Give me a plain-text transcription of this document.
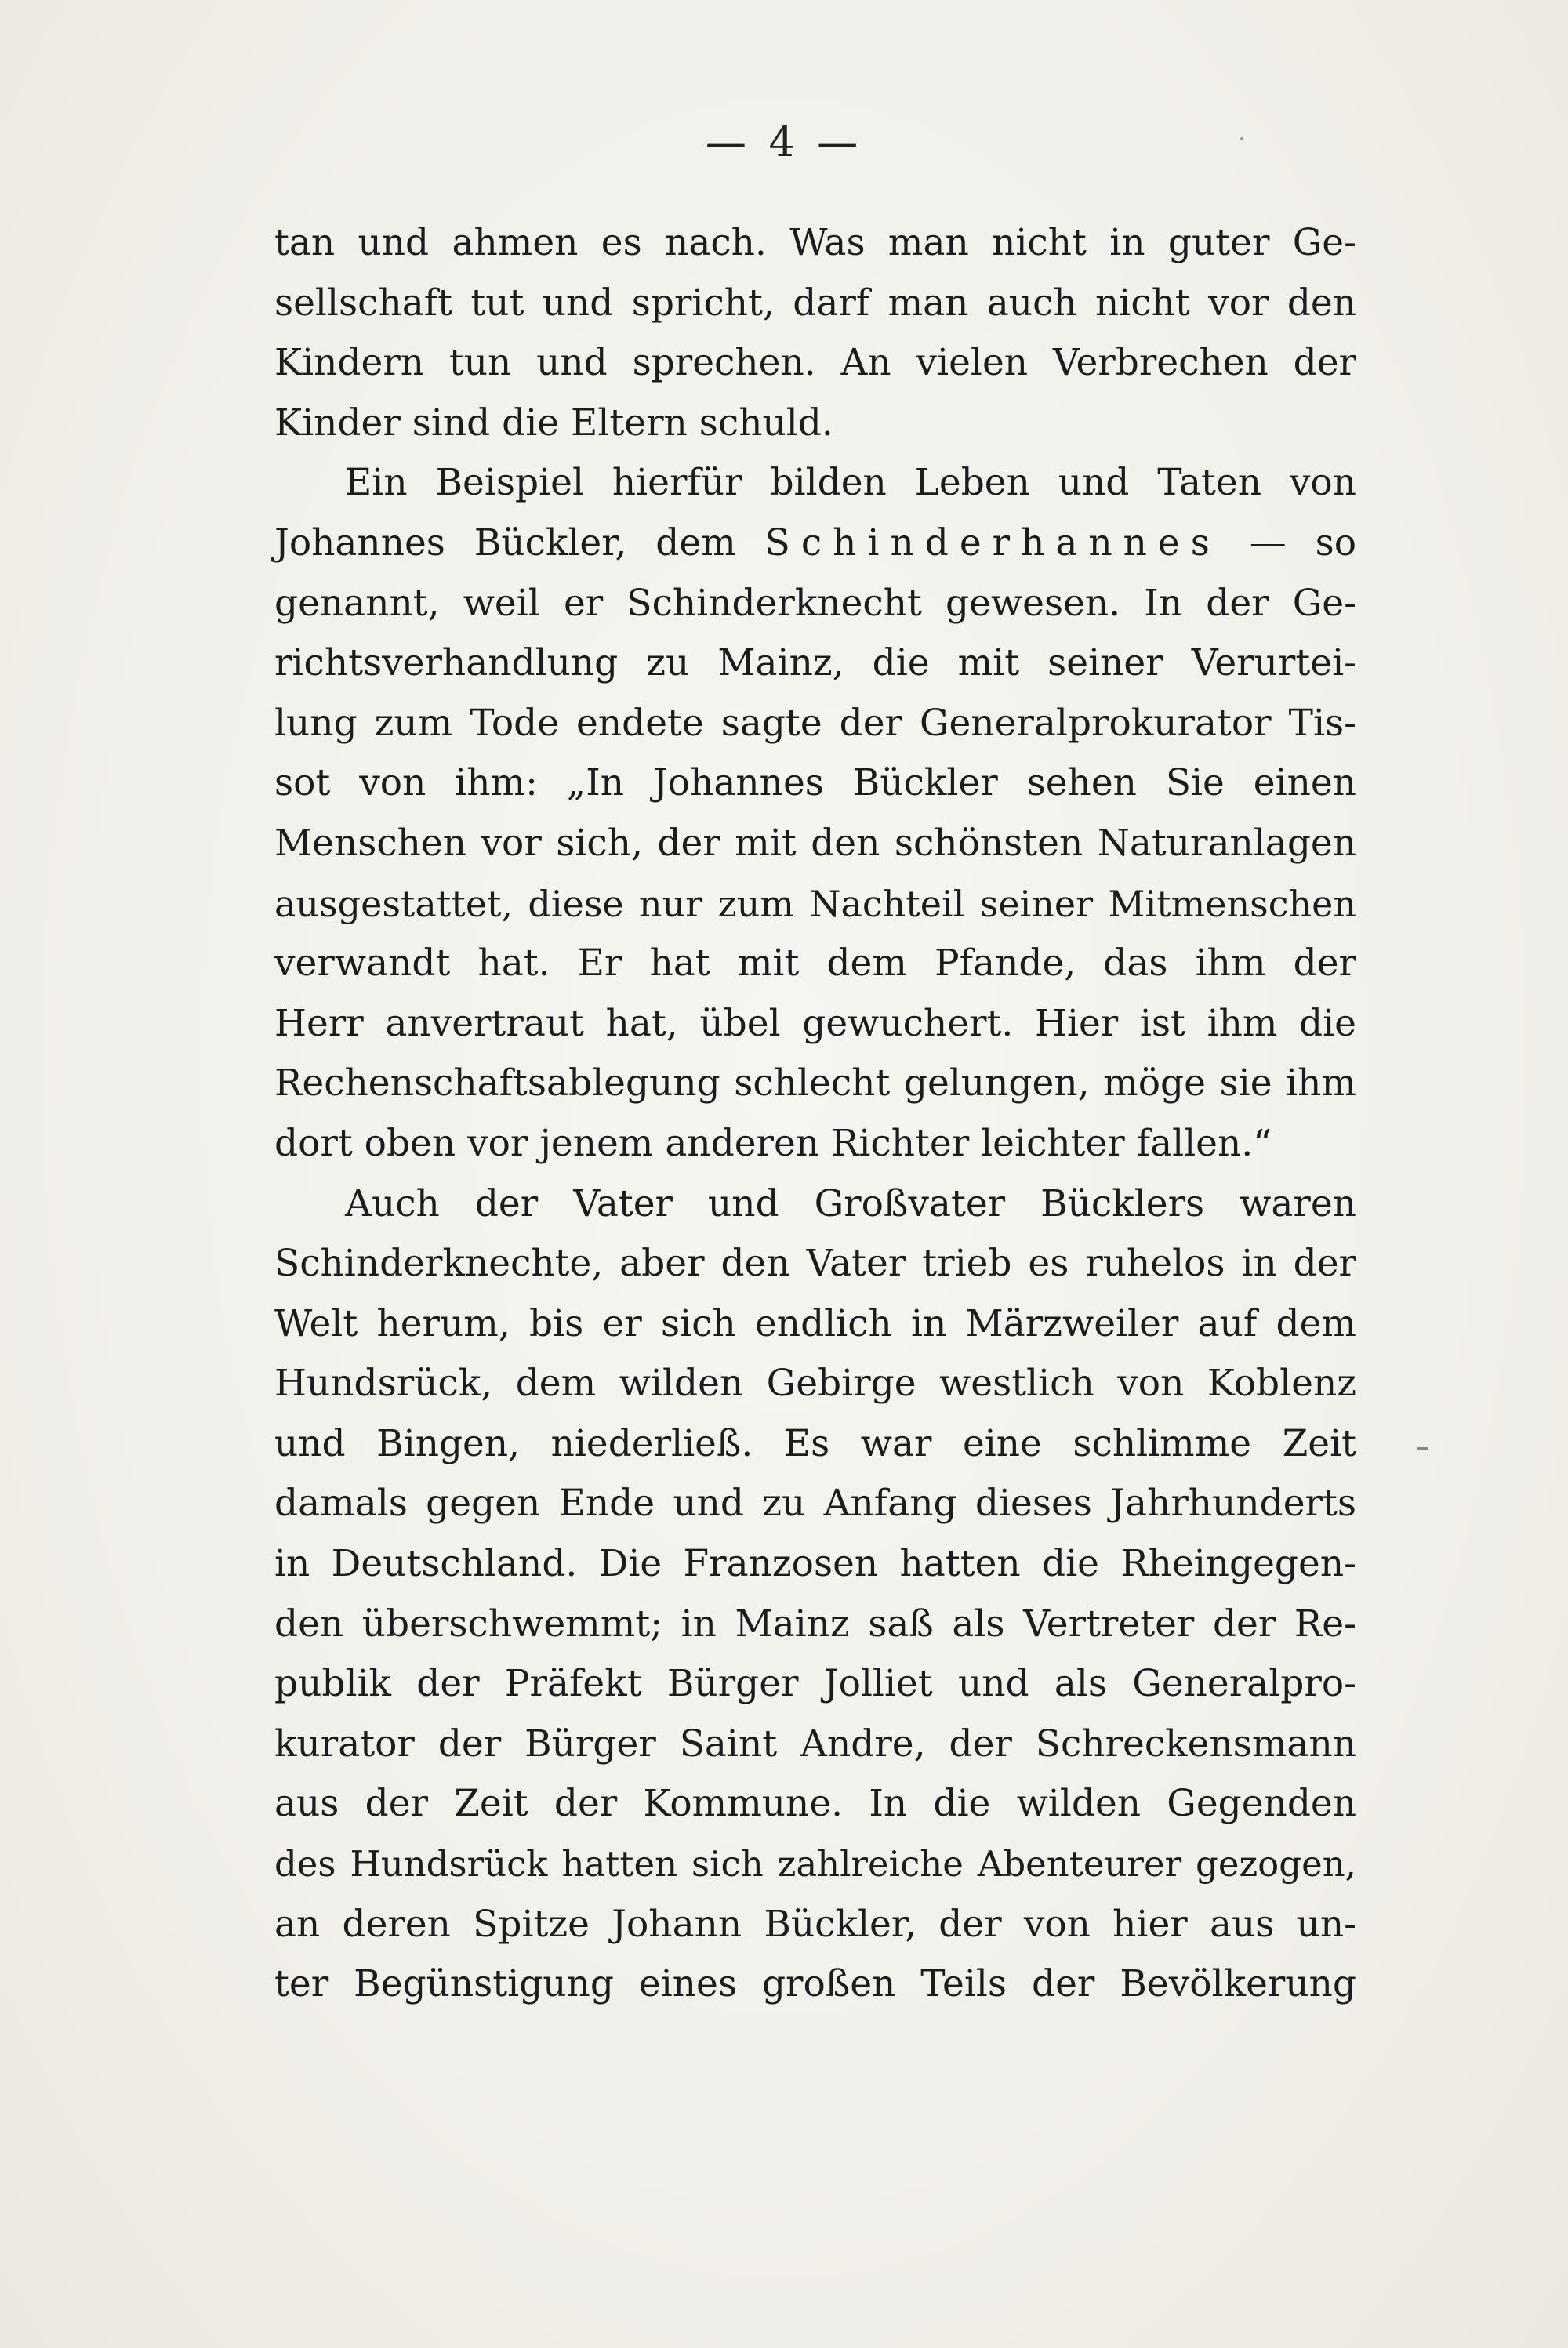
— 4 —
tan und ahmen es nach. Was man nicht in guter Ge-
sellschaft tut und spricht, darf man auch nicht vor den
Kindern tun und sprechen. An vielen Verbrechen der
Kinder sind die Eltern schuld.
Ein Beispiel hierfür bilden Leben und Taten von
Johannes Bückler, dem Schinderhannes — so
genannt, weil er Schinderknecht gewesen. In der Ge-
richtsverhandlung zu Mainz, die mit seiner Verurtei-
lung zum Tode endete sagte der Generalprokurator Tis-
sot von ihm: „In Johannes Bückler sehen Sie einen
Menschen vor sich, der mit den schönsten Naturanlagen
ausgestattet, diese nur zum Nachteil seiner Mitmenschen
verwandt hat. Er hat mit dem Pfande, das ihm der
Herr anvertraut hat, übel gewuchert. Hier ist ihm die
Rechenschaftsablegung schlecht gelungen, möge sie ihm
dort oben vor jenem anderen Richter leichter fallen.“
Auch der Vater und Großvater Bücklers waren
Schinderknechte, aber den Vater trieb es ruhelos in der
Welt herum, bis er sich endlich in Märzweiler auf dem
Hundsrück, dem wilden Gebirge westlich von Koblenz
und Bingen, niederließ. Es war eine schlimme Zeit
damals gegen Ende und zu Anfang dieses Jahrhunderts
in Deutschland. Die Franzosen hatten die Rheingegen-
den überschwemmt; in Mainz saß als Vertreter der Re-
publik der Präfekt Bürger Jolliet und als Generalpro-
kurator der Bürger Saint Andre, der Schreckensmann
aus der Zeit der Kommune. In die wilden Gegenden
des Hundsrück hatten sich zahlreiche Abenteurer gezogen,
an deren Spitze Johann Bückler, der von hier aus un-
ter Begünstigung eines großen Teils der Bevölkerung
